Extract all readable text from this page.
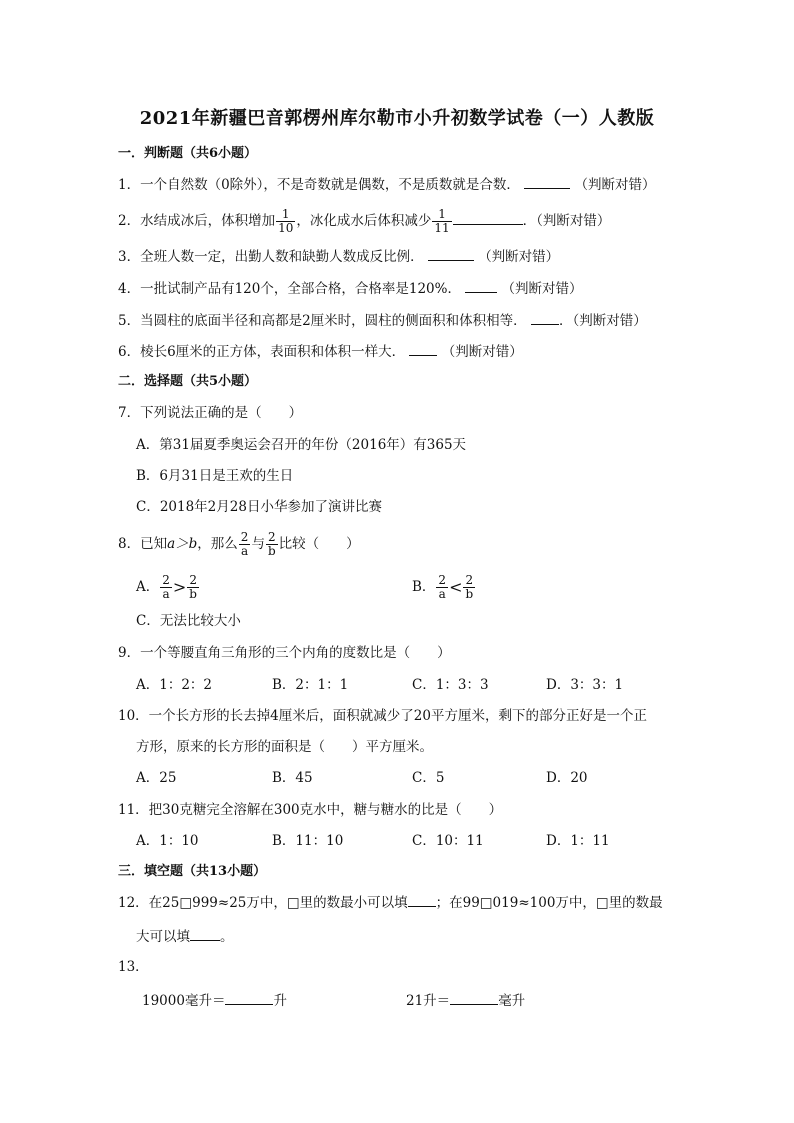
2021年新疆巴音郭楞州库尔勒市小升初数学试卷（一）人教版
一．判断题（共6小题）
1．一个自然数（0除外），不是奇数就是偶数，不是质数就是合数．	（判断对错）
2．水结成冰后，体积增加 $\frac{1}{10}$ ，冰化成水后体积减少 $\frac{1}{11}$	．（判断对错）
3．全班人数一定，出勤人数和缺勤人数成反比例．	（判断对错）
4．一批试制产品有120个，全部合格，合格率是120%．	（判断对错）
5．当圆柱的底面半径和高都是2厘米时，圆柱的侧面积和体积相等． ．（判断对错）
6．棱长6厘米的正方体，表面积和体积一样大．	（判断对错）
二．选择题（共5小题）
7．下列说法正确的是（　　）
A．第31届夏季奥运会召开的年份（2016年）有365天
B．6月31日是王欢的生日
C．2018年2月28日小华参加了演讲比赛
8．已知a＞b，那么 $\frac{2}{a}$ 与 $\frac{2}{b}$ 比较（　　）
A． $\frac{2}{a} > \frac{2}{b}$	B． $\frac{2}{a} < \frac{2}{b}$
C．无法比较大小
9．一个等腰直角三角形的三个内角的度数比是（　　）
A．1：2：2	B．2：1：1	C．1：3：3	D．3：3：1
10．一个长方形的长去掉4厘米后，面积就减少了20平方厘米，剩下的部分正好是一个正
方形，原来的长方形的面积是（　　）平方厘米。
A．25	B．45	C．5	D．20
11．把30克糖完全溶解在300克水中，糖与糖水的比是（　　）
A．1：10	B．11：10	C．10：11	D．1：11
三．填空题（共13小题）
12．在25□999≈25万中，□里的数最小可以填 ；在99□019≈100万中，□里的数最
大可以填 。
13．
19000毫升＝	升	21升＝	毫升
